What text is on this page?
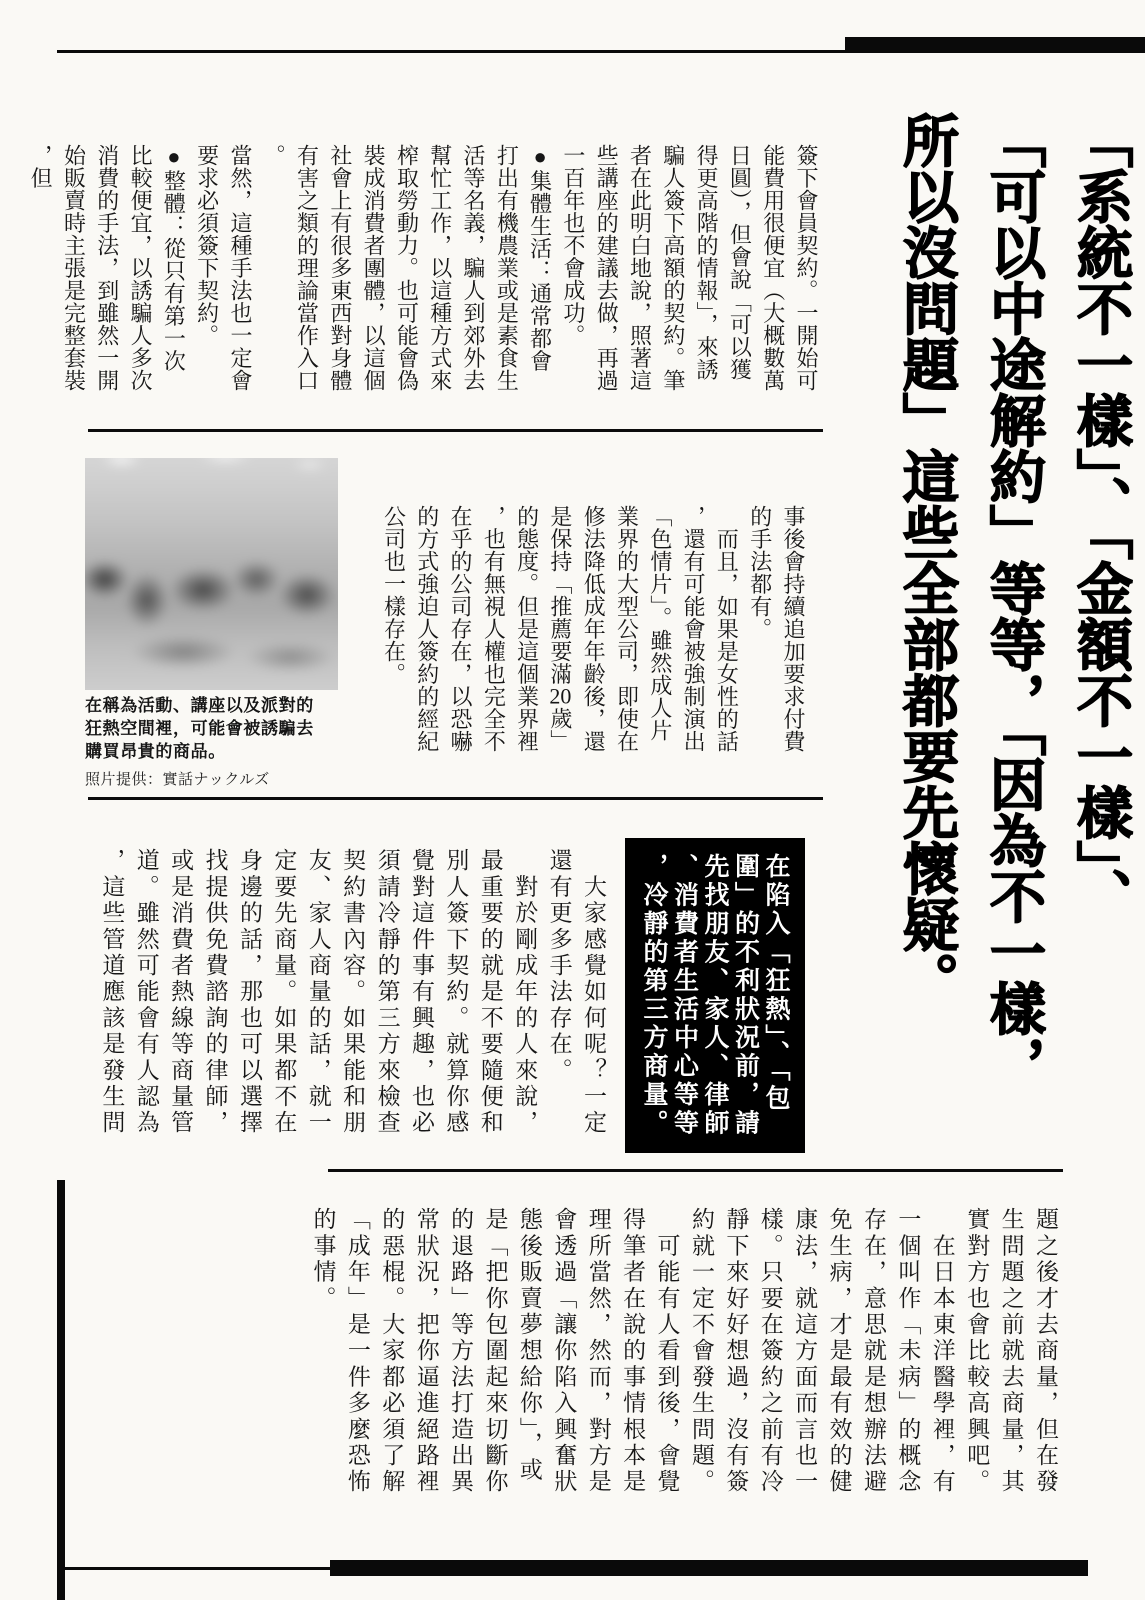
「系統不一樣」、「金額不一樣」、
「可以中途解約」等等，「因為不一樣，
所以沒問題」這些全部都要先懷疑。

簽下會員契約。一開始可能費用很便宜（大概數萬日圓），但會說「可以獲得更高階的情報」，來誘騙人簽下高額的契約。筆者在此明白地說，照著這些講座的建議去做，再過一百年也不會成功。

●集體生活：通常都會打出有機農業或是素食生活等名義，騙人到郊外去幫忙工作，以這種方式來榨取勞動力。也可能會偽裝成消費者團體，以這個社會上有很多東西對身體有害之類的理論當作入口。

當然，這種手法也一定會要求必須簽下契約。

●整體：從只有第一次比較便宜，以誘騙人多次消費的手法，到雖然一開始販賣時主張是完整套裝，但

在稱為活動、講座以及派對的狂熱空間裡，可能會被誘騙去購買昂貴的商品。
照片提供：實話ナックルズ

事後會持續追加要求付費的手法都有。

　而且，如果是女性的話，還有可能會被強制演出「色情片」。雖然成人片業界的大型公司，即使在修法降低成年年齡後，還是保持「推薦要滿20歲」的態度。但是這個業界裡，也有無視人權也完全不在乎的公司存在，以恐嚇的方式強迫人簽約的經紀公司也一樣存在。

在陷入「狂熱」、「包圍」的不利狀況前，請先找朋友、家人、律師、消費者生活中心等等，冷靜的第三方商量。

　大家感覺如何呢？一定還有更多手法存在。

　對於剛成年的人來說，最重要的就是不要隨便和別人簽下契約。就算你感覺對這件事有興趣，也必須請冷靜的第三方來檢查契約書內容。如果能和朋友、家人商量的話，就一定要先商量。如果都不在身邊的話，那也可以選擇找提供免費諮詢的律師，或是消費者熱線等商量管道。雖然可能會有人認為，這些管道應該是發生問

題之後才去商量，但在發生問題之前就去商量，其實對方也會比較高興吧。

　在日本東洋醫學裡，有一個叫作「未病」的概念存在，意思就是想辦法避免生病，才是最有效的健康法，就這方面而言也一樣。只要在簽約之前有冷靜下來好好想過，沒有簽約就一定不會發生問題。

　可能有人看到後，會覺得筆者在說的事情根本是理所當然，然而，對方是會透過「讓你陷入興奮狀態後販賣夢想給你」，或是「把你包圍起來切斷你的退路」等方法打造出異常狀況，把你逼進絕路裡的惡棍。大家都必須了解「成年」是一件多麼恐怖的事情。
